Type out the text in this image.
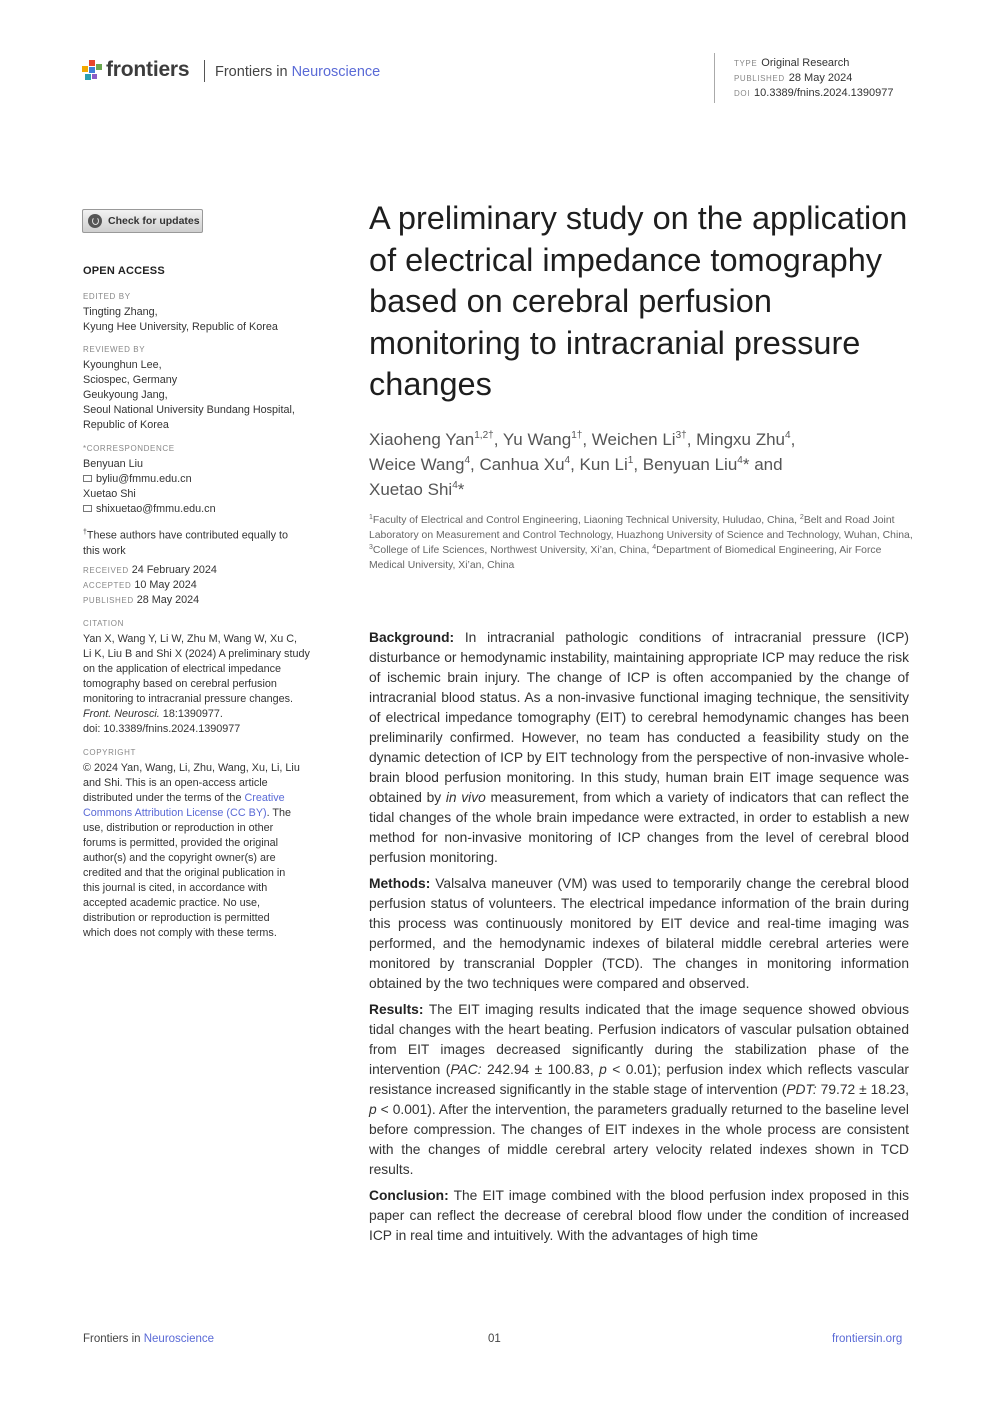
frontiers Frontiers in Neuroscience
TYPE Original Research
PUBLISHED 28 May 2024
DOI 10.3389/fnins.2024.1390977
Check for updates
OPEN ACCESS
EDITED BY
Tingting Zhang,
Kyung Hee University, Republic of Korea
REVIEWED BY
Kyounghun Lee,
Sciospec, Germany
Geukyoung Jang,
Seoul National University Bundang Hospital,
Republic of Korea
*CORRESPONDENCE
Benyuan Liu
byliu@fmmu.edu.cn
Xuetao Shi
shixuetao@fmmu.edu.cn
†These authors have contributed equally to
this work
RECEIVED 24 February 2024
ACCEPTED 10 May 2024
PUBLISHED 28 May 2024
CITATION
Yan X, Wang Y, Li W, Zhu M, Wang W, Xu C,
Li K, Liu B and Shi X (2024) A preliminary study
on the application of electrical impedance
tomography based on cerebral perfusion
monitoring to intracranial pressure changes.
Front. Neurosci. 18:1390977.
doi: 10.3389/fnins.2024.1390977
COPYRIGHT
© 2024 Yan, Wang, Li, Zhu, Wang, Xu, Li, Liu
and Shi. This is an open-access article
distributed under the terms of the Creative
Commons Attribution License (CC BY). The
use, distribution or reproduction in other
forums is permitted, provided the original
author(s) and the copyright owner(s) are
credited and that the original publication in
this journal is cited, in accordance with
accepted academic practice. No use,
distribution or reproduction is permitted
which does not comply with these terms.
A preliminary study on the application of electrical impedance tomography based on cerebral perfusion monitoring to intracranial pressure changes
Xiaoheng Yan$^{1,2\dagger}$, Yu Wang$^{1\dagger}$, Weichen $Li^{3\dagger}$, Mingxu Zhu$^4$,
Weice Wang$^4$, Canhua Xu$^4$, Kun Li$^1$, Benyuan Liu$^4$* and
Xuetao Shi$^4$*
$^1$Faculty of Electrical and Control Engineering, Liaoning Technical University, Huludao, China, $^2$Belt and Road Joint Laboratory on Measurement and Control Technology, Huazhong University of Science and Technology, Wuhan, China, $^3$College of Life Sciences, Northwest University, Xi’an, China, $^4$Department of Biomedical Engineering, Air Force Medical University, Xi’an, China

Background: In intracranial pathologic conditions of intracranial pressure (ICP) disturbance or hemodynamic instability, maintaining appropriate ICP may reduce the risk of ischemic brain injury. The change of ICP is often accompanied by the change of intracranial blood status. As a non-invasive functional imaging technique, the sensitivity of electrical impedance tomography (EIT) to cerebral hemodynamic changes has been preliminarily confirmed. However, no team has conducted a feasibility study on the dynamic detection of ICP by EIT technology from the perspective of non-invasive whole-brain blood perfusion monitoring. In this study, human brain EIT image sequence was obtained by in vivo measurement, from which a variety of indicators that can reflect the tidal changes of the whole brain impedance were extracted, in order to establish a new method for non-invasive monitoring of ICP changes from the level of cerebral blood perfusion monitoring.

Methods: Valsalva maneuver (VM) was used to temporarily change the cerebral blood perfusion status of volunteers. The electrical impedance information of the brain during this process was continuously monitored by EIT device and real-time imaging was performed, and the hemodynamic indexes of bilateral middle cerebral arteries were monitored by transcranial Doppler (TCD). The changes in monitoring information obtained by the two techniques were compared and observed.

Results: The EIT imaging results indicated that the image sequence showed obvious tidal changes with the heart beating. Perfusion indicators of vascular pulsation obtained from EIT images decreased significantly during the stabilization phase of the intervention (PAC: 242.94 ± 100.83, p < 0.01); perfusion index which reflects vascular resistance increased significantly in the stable stage of intervention (PDT: 79.72 ± 18.23, p < 0.001). After the intervention, the parameters gradually returned to the baseline level before compression. The changes of EIT indexes in the whole process are consistent with the changes of middle cerebral artery velocity related indexes shown in TCD results.

Conclusion: The EIT image combined with the blood perfusion index proposed in this paper can reflect the decrease of cerebral blood flow under the condition of increased ICP in real time and intuitively. With the advantages of high time

Frontiers in Neuroscience	01	frontiersin.org
